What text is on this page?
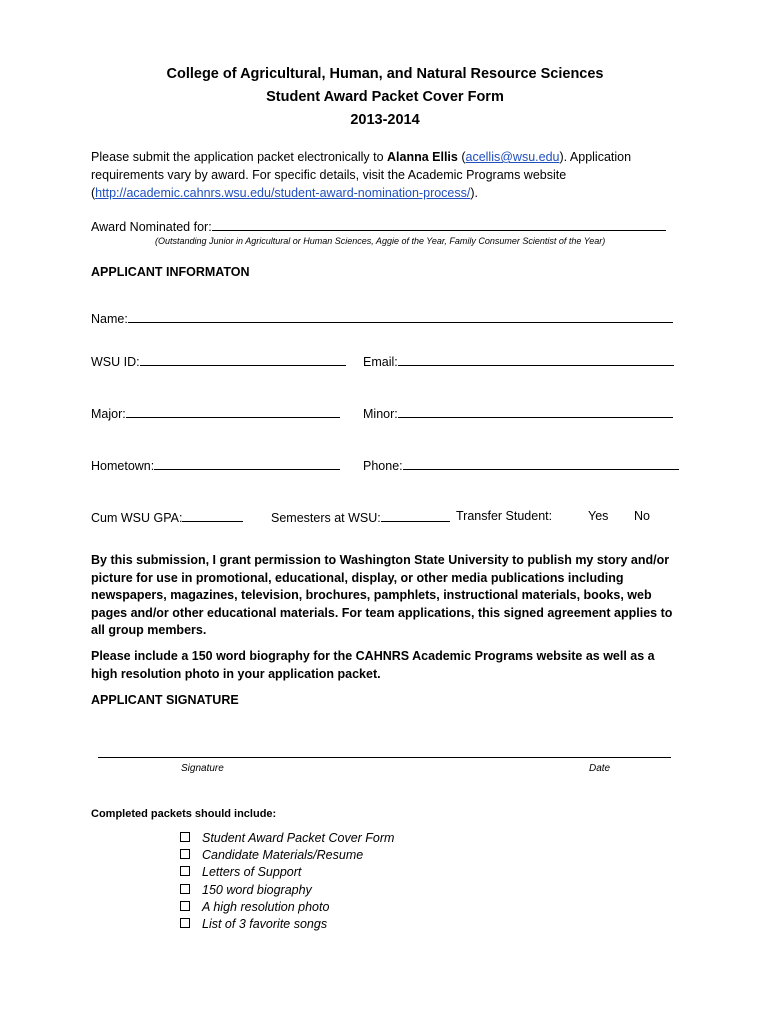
College of Agricultural, Human, and Natural Resource Sciences
Student Award Packet Cover Form
2013-2014
Please submit the application packet electronically to Alanna Ellis (acellis@wsu.edu). Application requirements vary by award. For specific details, visit the Academic Programs website (http://academic.cahnrs.wsu.edu/student-award-nomination-process/).
Award Nominated for:
(Outstanding Junior in Agricultural or Human Sciences, Aggie of the Year, Family Consumer Scientist of the Year)
APPLICANT INFORMATON
Name:
WSU ID:	Email:
Major:	Minor:
Hometown:	Phone:
Cum WSU GPA:	Semesters at WSU:	Transfer Student:	Yes No
By this submission, I grant permission to Washington State University to publish my story and/or picture for use in promotional, educational, display, or other media publications including newspapers, magazines, television, brochures, pamphlets, instructional materials, books, web pages and/or other educational materials. For team applications, this signed agreement applies to all group members.
Please include a 150 word biography for the CAHNRS Academic Programs website as well as a high resolution photo in your application packet.
APPLICANT SIGNATURE
Signature	Date
Completed packets should include:
Student Award Packet Cover Form
Candidate Materials/Resume
Letters of Support
150 word biography
A high resolution photo
List of 3 favorite songs
